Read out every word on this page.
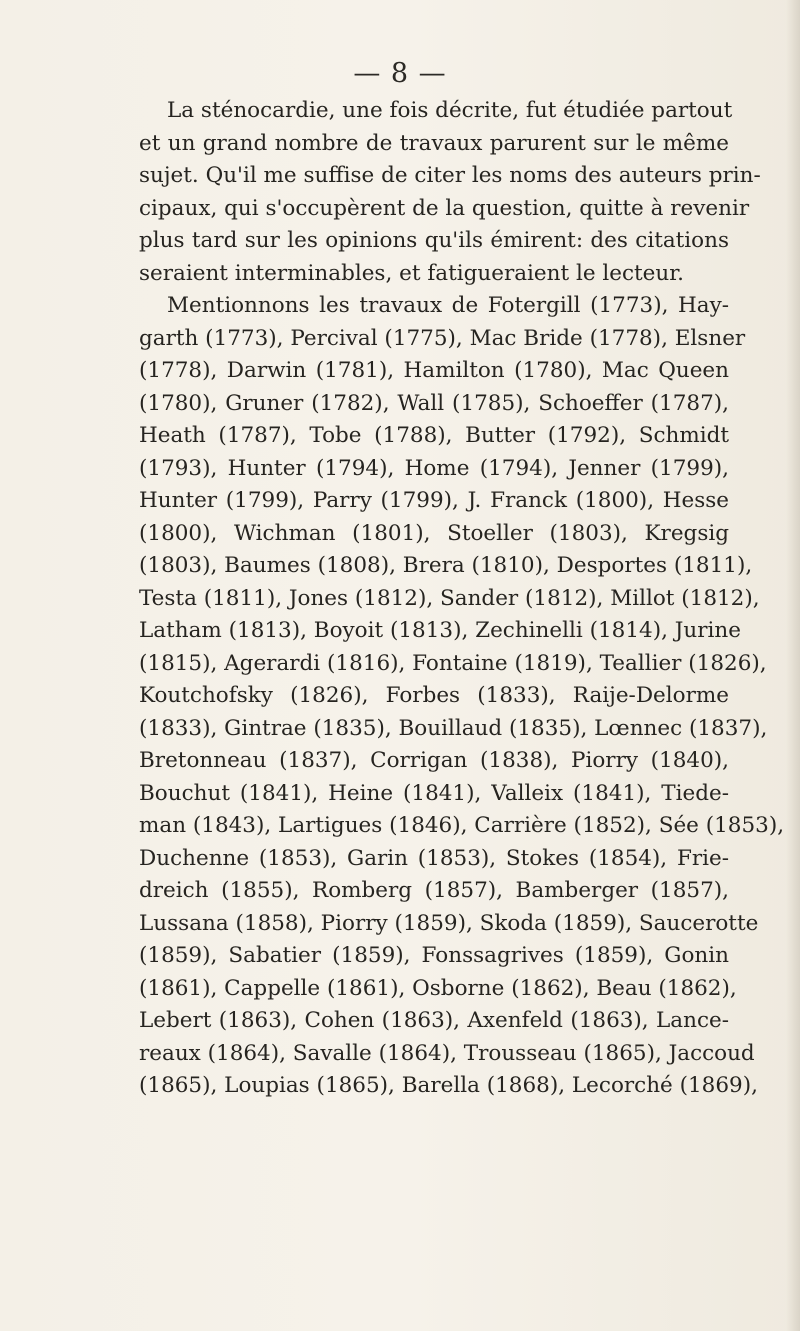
— 8 —
La sténocardie, une fois décrite, fut étudiée partout
et un grand nombre de travaux parurent sur le même
sujet. Qu'il me suffise de citer les noms des auteurs prin-
cipaux, qui s'occupèrent de la question, quitte à revenir
plus tard sur les opinions qu'ils émirent: des citations
seraient interminables, et fatigueraient le lecteur.
Mentionnons les travaux de Fotergill (1773), Hay-
garth (1773), Percival (1775), Mac Bride (1778), Elsner
(1778), Darwin (1781), Hamilton (1780), Mac Queen
(1780), Gruner (1782), Wall (1785), Schoeffer (1787),
Heath (1787), Tobe (1788), Butter (1792), Schmidt
(1793), Hunter (1794), Home (1794), Jenner (1799),
Hunter (1799), Parry (1799), J. Franck (1800), Hesse
(1800), Wichman (1801), Stoeller (1803), Kregsig
(1803), Baumes (1808), Brera (1810), Desportes (1811),
Testa (1811), Jones (1812), Sander (1812), Millot (1812),
Latham (1813), Boyoit (1813), Zechinelli (1814), Jurine
(1815), Agerardi (1816), Fontaine (1819), Teallier (1826),
Koutchofsky (1826), Forbes (1833), Raije-Delorme
(1833), Gintrae (1835), Bouillaud (1835), Lœnnec (1837),
Bretonneau (1837), Corrigan (1838), Piorry (1840),
Bouchut (1841), Heine (1841), Valleix (1841), Tiede-
man (1843), Lartigues (1846), Carrière (1852), Sée (1853),
Duchenne (1853), Garin (1853), Stokes (1854), Frie-
dreich (1855), Romberg (1857), Bamberger (1857),
Lussana (1858), Piorry (1859), Skoda (1859), Saucerotte
(1859), Sabatier (1859), Fonssagrives (1859), Gonin
(1861), Cappelle (1861), Osborne (1862), Beau (1862),
Lebert (1863), Cohen (1863), Axenfeld (1863), Lance-
reaux (1864), Savalle (1864), Trousseau (1865), Jaccoud
(1865), Loupias (1865), Barella (1868), Lecorché (1869),
